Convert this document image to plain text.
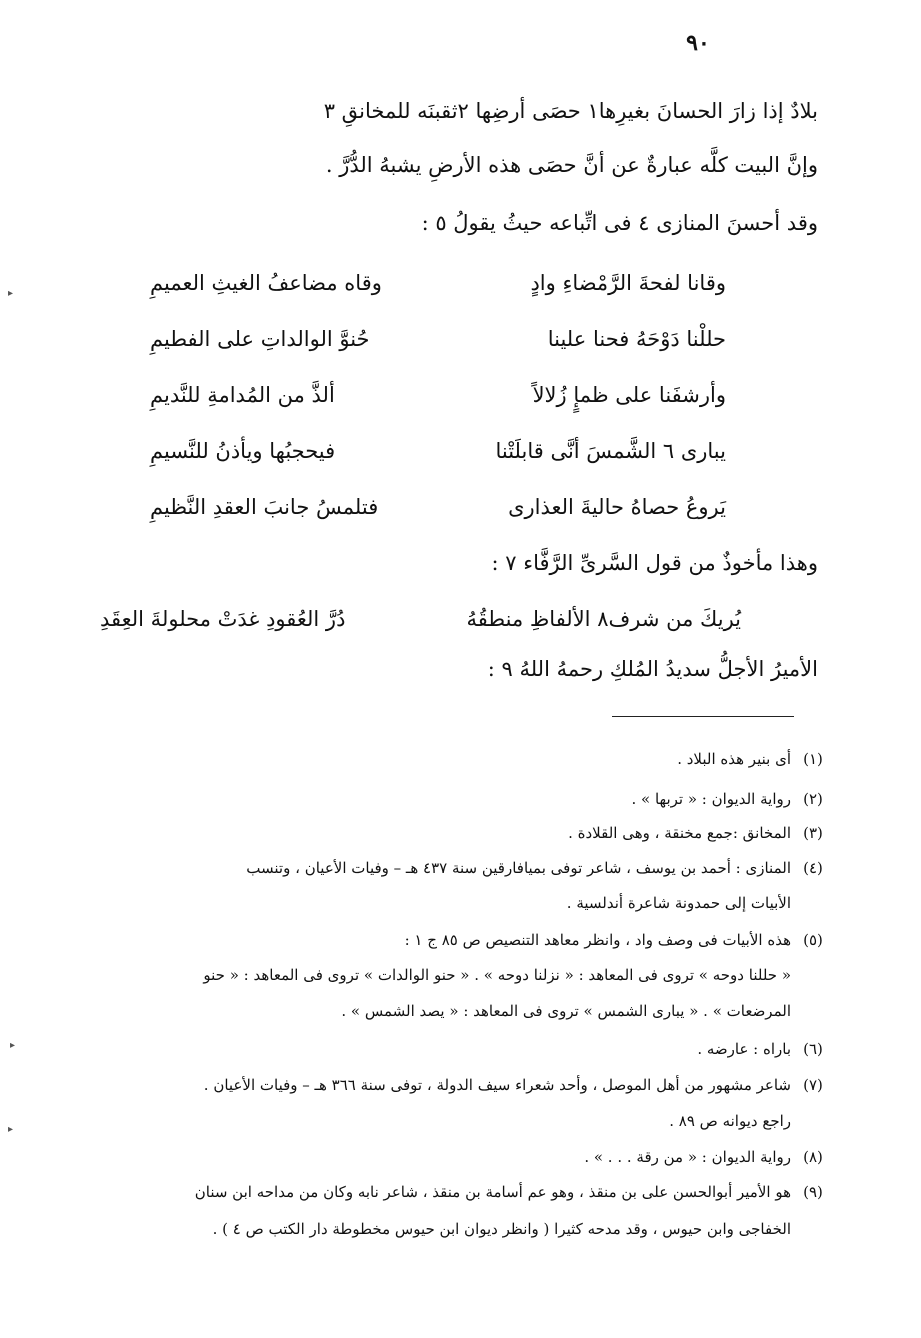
٩٠
بلادٌ إذا زارَ الحسانَ بغيرِها١ حصَى أرضِها ٢ثقبنَه للمخانقِ ٣
وإنَّ البيت كلَّه عبارةٌ عن أنَّ حصَى هذه الأرضِ يشبهُ الدُّرَّ .
وقد أحسنَ المنازى ٤ فى اتِّباعه حيثُ يقولُ ٥ :
وقانا لفحةَ الرَّمْضاءِ وادٍ
وقاه مضاعفُ الغيثِ العميمِ
حللْنا دَوْحَهُ فحنا علينا
حُنوَّ الوالداتِ على الفطيمِ
وأرشفَنا على ظمإٍ زُلالاً
ألذَّ من المُدامةِ للنَّديمِ
يبارى ٦ الشَّمسَ أنَّى قابلَتْنا
فيحجبُها ويأذنُ للنَّسيمِ
يَروعُ حصاهُ حاليةَ العذارى
فتلمسُ جانبَ العقدِ النَّظيمِ
وهذا مأخوذٌ من قول السَّرىِّ الرَّفَّاء ٧ :
يُريكَ من شرف٨ الألفاظِ منطقُهُ
دُرَّ العُقودِ غدَتْ محلولةَ العِقَدِ
الأميرُ الأجلُّ سديدُ المُلكِ رحمهُ اللهُ ٩ :
(١)
أى بنير هذه البلاد .
(٢)
رواية الديوان : « تربها » .
(٣)
المخانق :جمع مخنقة ، وهى القلادة .
(٤)
المنازى : أحمد بن يوسف ، شاعر توفى بميافارقين سنة ٤٣٧ هـ – وفيات الأعيان ، وتنسب
الأبيات إلى حمدونة شاعرة أندلسية .
(٥)
هذه الأبيات فى وصف واد ، وانظر معاهد التنصيص ص ٨٥ ج ١ :
« حللنا دوحه » تروى فى المعاهد : « نزلنا دوحه » . « حنو الوالدات » تروى فى المعاهد : « حنو
المرضعات » . « يبارى الشمس » تروى فى المعاهد : « يصد الشمس » .
(٦)
باراه : عارضه .
(٧)
شاعر مشهور من أهل الموصل ، وأحد شعراء سيف الدولة ، توفى سنة ٣٦٦ هـ – وفيات الأعيان .
راجع ديوانه ص ٨٩ .
(٨)
رواية الديوان : « من رقة . . . » .
(٩)
هو الأمير أبوالحسن على بن منقذ ، وهو عم أسامة بن منقذ ، شاعر نابه وكان من مداحه ابن سنان
الخفاجى وابن حيوس ، وقد مدحه كثيرا ( وانظر ديوان ابن حيوس مخطوطة دار الكتب ص ٤ ) .
▸
▸
▸
